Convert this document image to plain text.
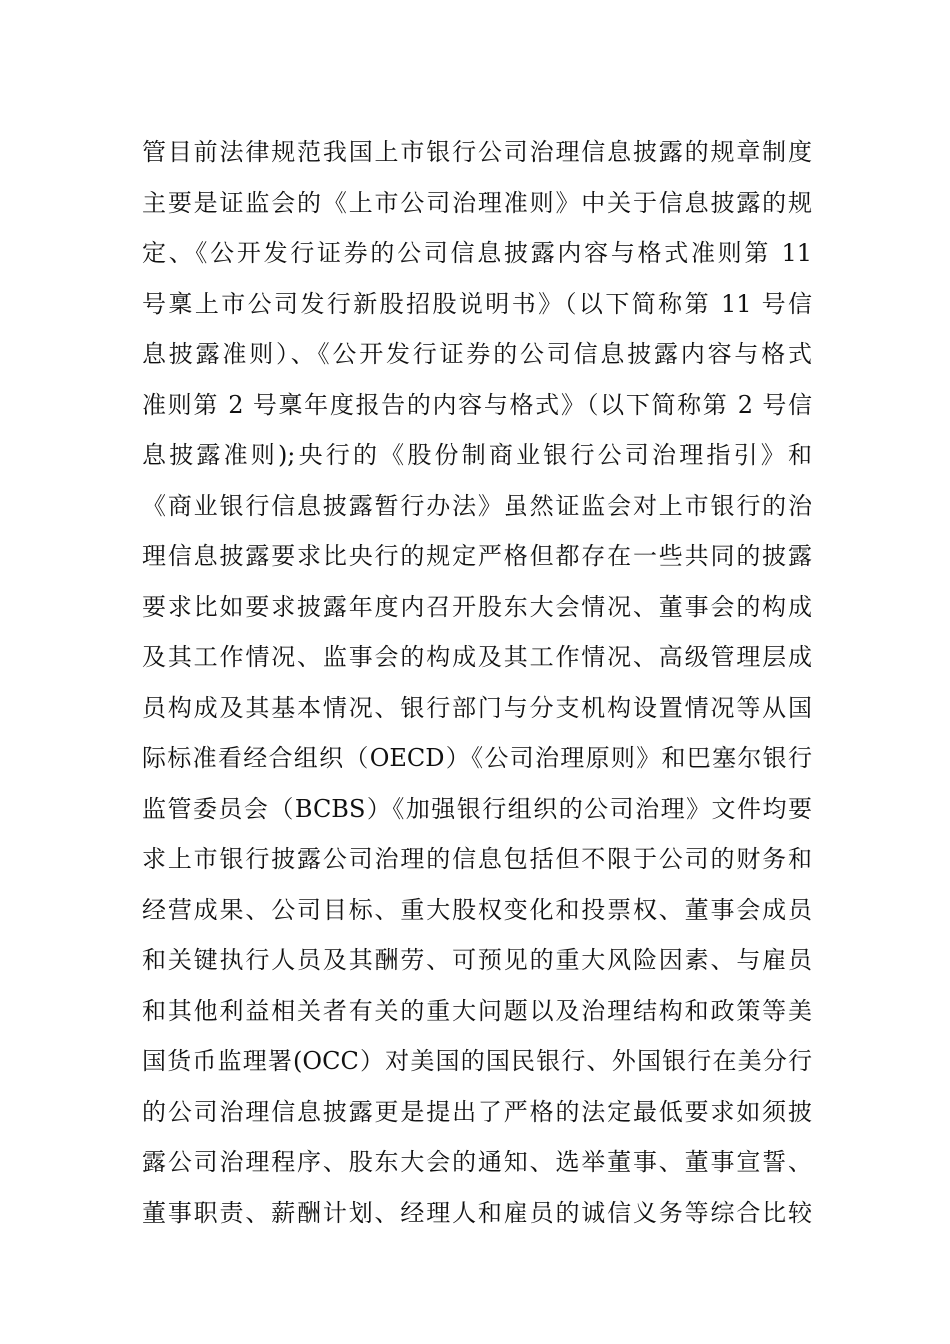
管目前法律规范我国上市银行公司治理信息披露的规章制度
主要是证监会的《上市公司治理准则》中关于信息披露的规
定、《公开发行证券的公司信息披露内容与格式准则第 11
号稟上市公司发行新股招股说明书》（以下简称第 11 号信
息披露准则）、《公开发行证券的公司信息披露内容与格式
准则第 2 号稟年度报告的内容与格式》（以下简称第 2 号信
息披露准则);央行的《股份制商业银行公司治理指引》和
《商业银行信息披露暂行办法》虽然证监会对上市银行的治
理信息披露要求比央行的规定严格但都存在一些共同的披露
要求比如要求披露年度内召开股东大会情况、董事会的构成
及其工作情况、监事会的构成及其工作情况、高级管理层成
员构成及其基本情况、银行部门与分支机构设置情况等从国
际标准看经合组织（OECD）《公司治理原则》和巴塞尔银行
监管委员会（BCBS）《加强银行组织的公司治理》文件均要
求上市银行披露公司治理的信息包括但不限于公司的财务和
经营成果、公司目标、重大股权变化和投票权、董事会成员
和关键执行人员及其酬劳、可预见的重大风险因素、与雇员
和其他利益相关者有关的重大问题以及治理结构和政策等美
国货币监理署(OCC）对美国的国民银行、外国银行在美分行
的公司治理信息披露更是提出了严格的法定最低要求如须披
露公司治理程序、股东大会的通知、选举董事、董事宣誓、
董事职责、薪酬计划、经理人和雇员的诚信义务等综合比较
